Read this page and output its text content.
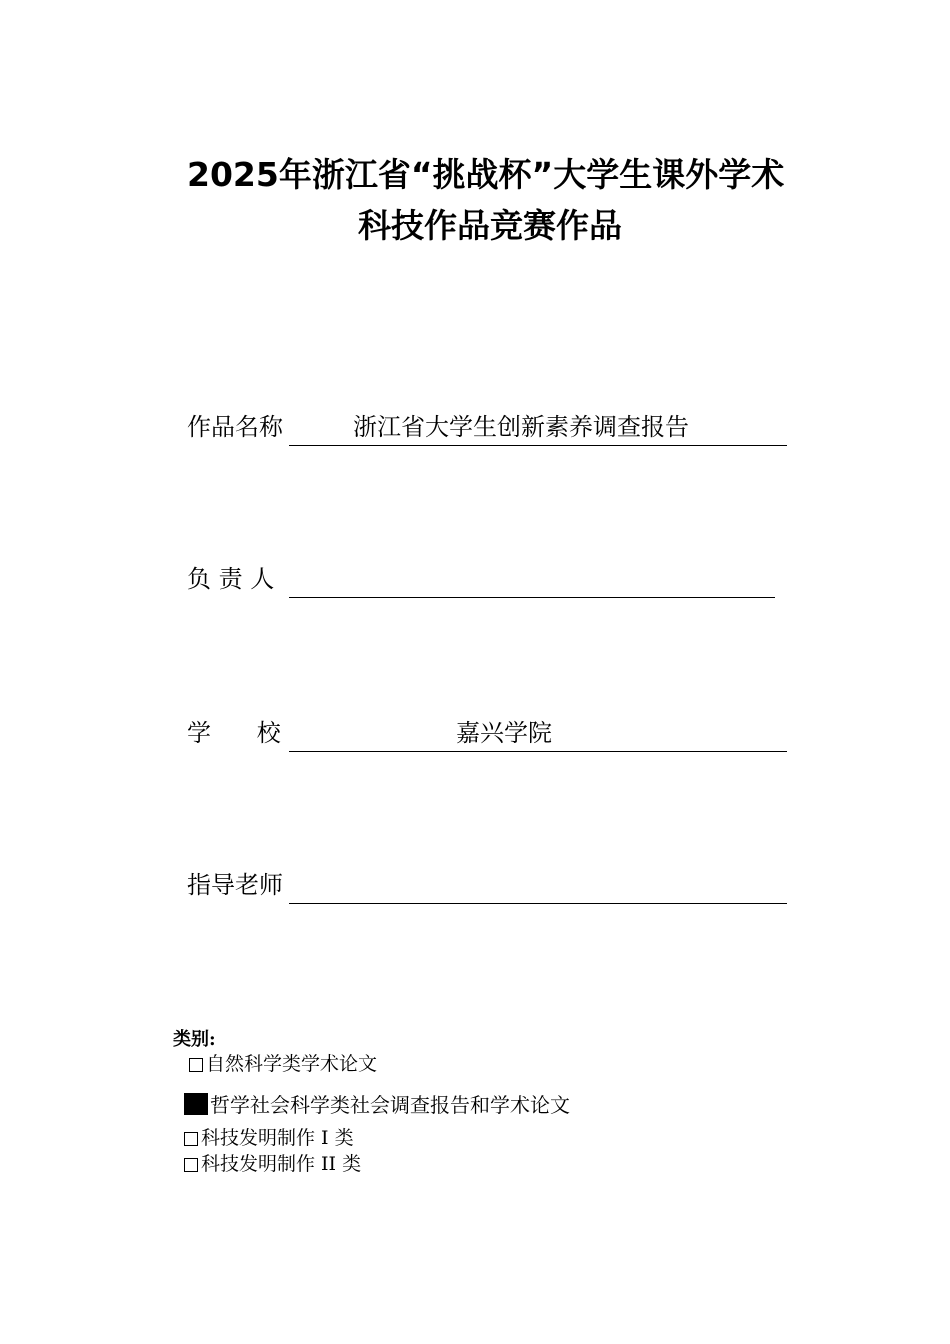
2025年浙江省“挑战杯”大学生课外学术
科技作品竞赛作品
作品名称	浙江省大学生创新素养调查报告
负 责 人
学      校	嘉兴学院
指导老师
类别:
自然科学类学术论文
哲学社会科学类社会调查报告和学术论文
科技发明制作 I 类
科技发明制作 II 类
